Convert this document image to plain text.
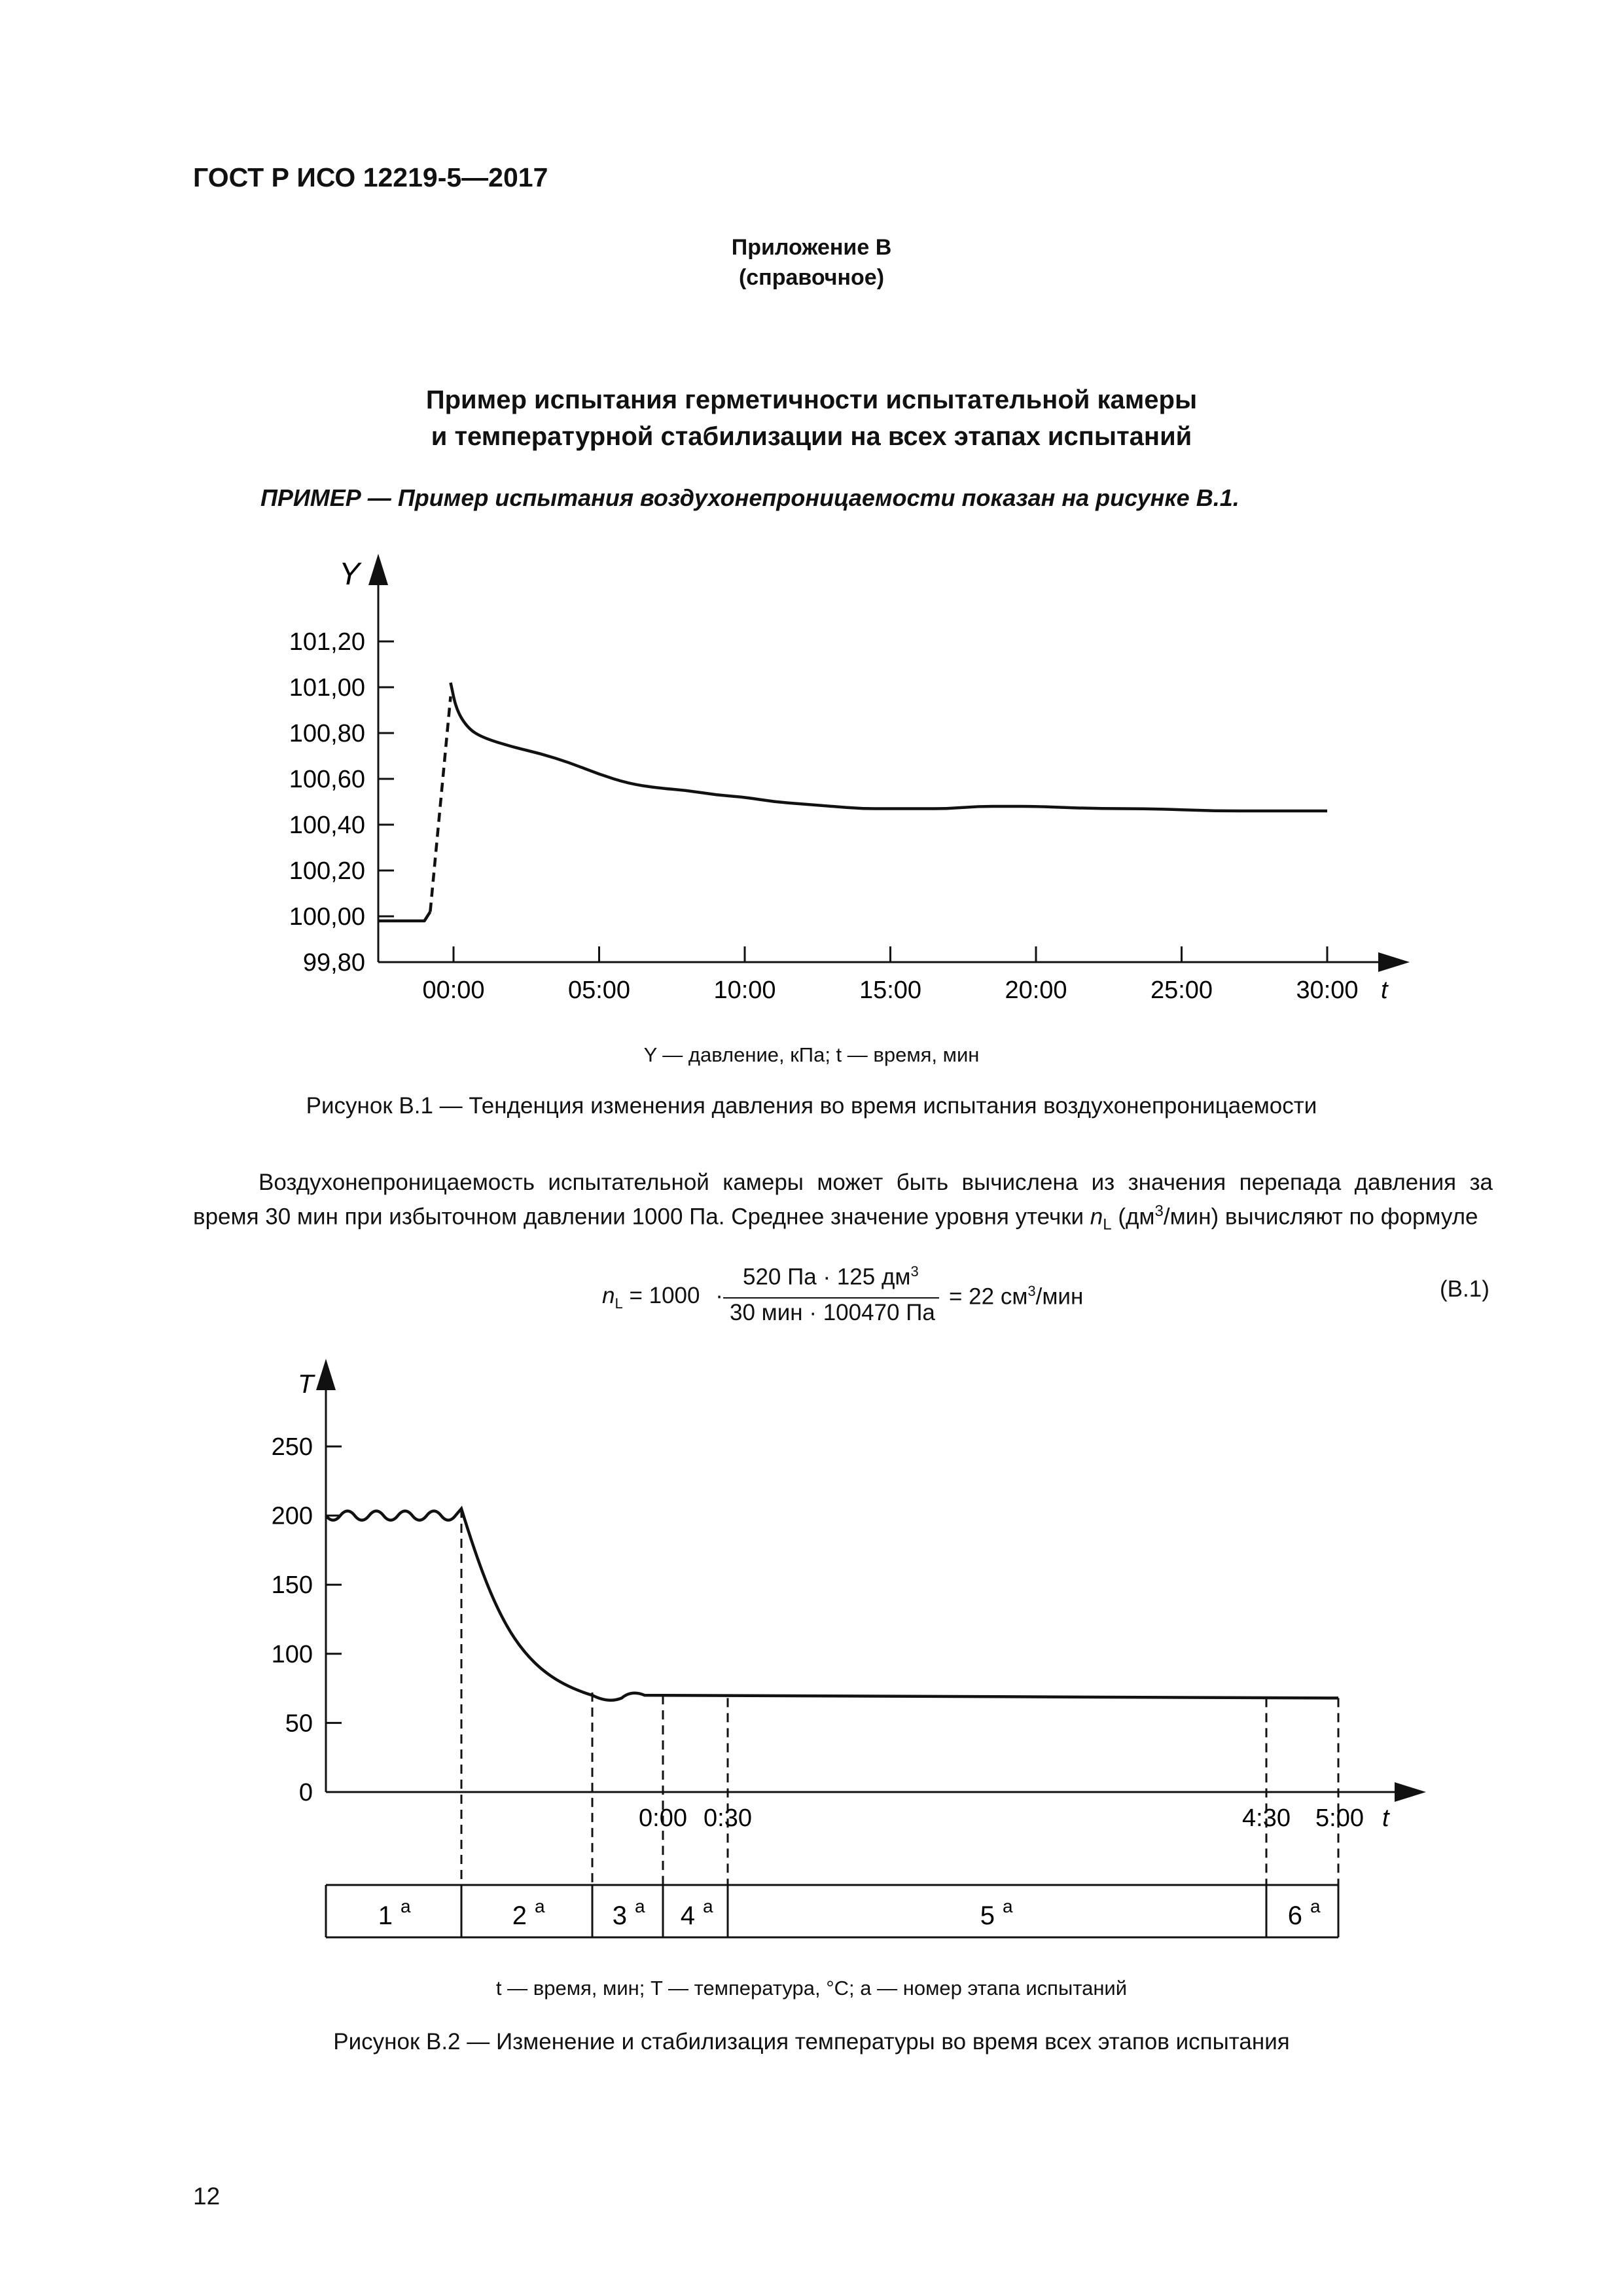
ГОСТ Р ИСО 12219-5—2017
Приложение В
(справочное)
Пример испытания герметичности испытательной камеры
и температурной стабилизации на всех этапах испытаний
ПРИМЕР — Пример испытания воздухонепроницаемости показан на рисунке В.1.
Y
t
101,20
101,00
100,80
100,60
100,40
100,20
100,00
99,80
00:00	05:00	10:00	15:00	20:00	25:00	30:00
Y — давление, кПа; t — время, мин
Рисунок В.1 — Тенденция изменения давления во время испытания воздухонепроницаемости

Воздухонепроницаемость испытательной камеры может быть вычислена из значения перепада давления за время 30 мин при избыточном давлении 1000 Па. Среднее значение уровня утечки $n_L$ $(дм^3/мин)$ вычисляют по формуле

$n_L = 1000$ ·
520 Па · 125 $дм^3$
30 мин · 100470 Па
= 22 $см^3$/мин	(В.1)
T
t
250
200
150
100
50
0
0:00 0:30	4:30 5:00
1 a	2 a	3 a 4 a	5 a	6 a
t — время, мин; T — температура, °C; a — номер этапа испытаний
Рисунок В.2 — Изменение и стабилизация температуры во время всех этапов испытания
12
